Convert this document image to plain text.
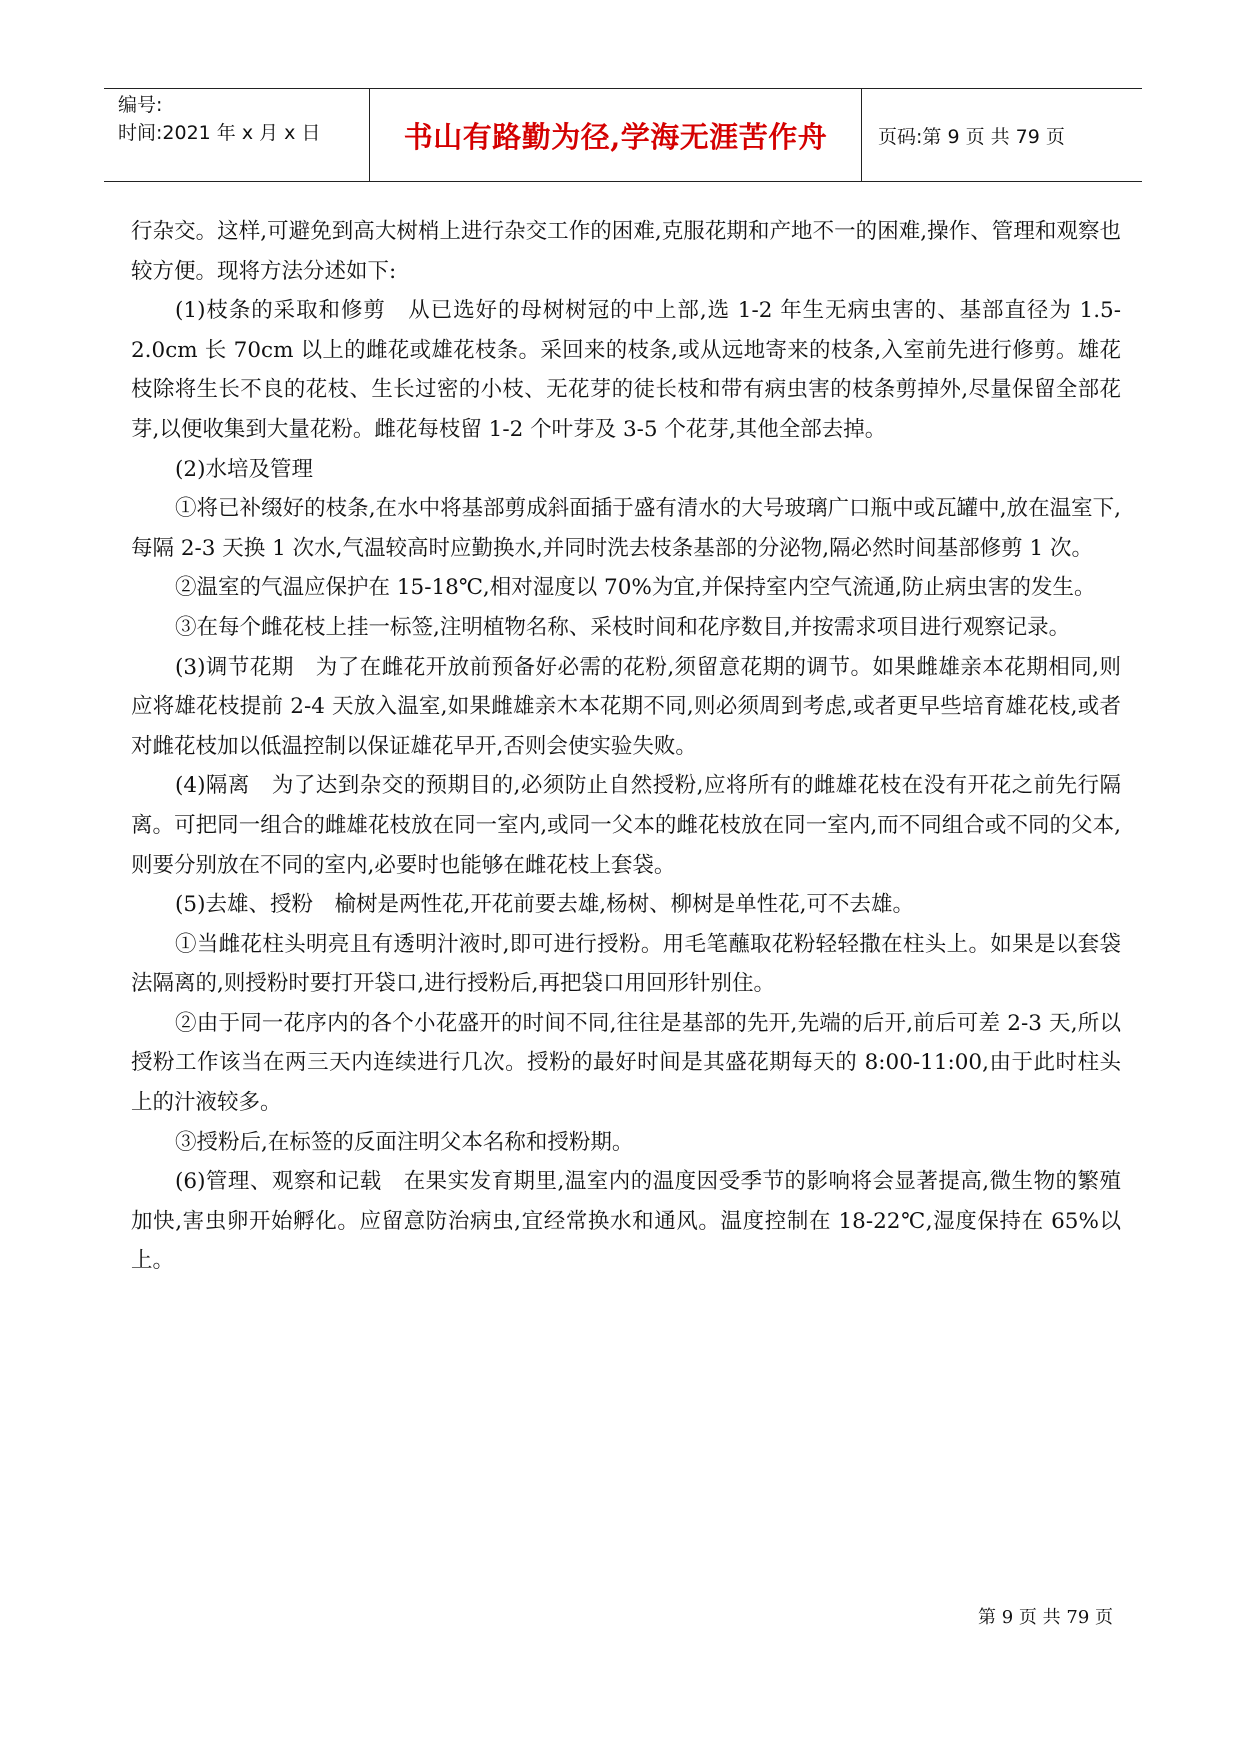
编号:
时间:2021 年 x 月 x 日	书山有路勤为径,学海无涯苦作舟	页码:第 9 页 共 79 页

行杂交。这样,可避免到高大树梢上进行杂交工作的困难,克服花期和产地不一的困难,操作、管理和观察也较方便。现将方法分述如下:

(1)枝条的采取和修剪　从已选好的母树树冠的中上部,选 1-2 年生无病虫害的、基部直径为 1.5-2.0cm 长 70cm 以上的雌花或雄花枝条。采回来的枝条,或从远地寄来的枝条,入室前先进行修剪。雄花枝除将生长不良的花枝、生长过密的小枝、无花芽的徒长枝和带有病虫害的枝条剪掉外,尽量保留全部花芽,以便收集到大量花粉。雌花每枝留 1-2 个叶芽及 3-5 个花芽,其他全部去掉。

(2)水培及管理

①将已补缀好的枝条,在水中将基部剪成斜面插于盛有清水的大号玻璃广口瓶中或瓦罐中,放在温室下,每隔 2-3 天换 1 次水,气温较高时应勤换水,并同时洗去枝条基部的分泌物,隔必然时间基部修剪 1 次。

②温室的气温应保护在 15-18℃,相对湿度以 70%为宜,并保持室内空气流通,防止病虫害的发生。

③在每个雌花枝上挂一标签,注明植物名称、采枝时间和花序数目,并按需求项目进行观察记录。

(3)调节花期　为了在雌花开放前预备好必需的花粉,须留意花期的调节。如果雌雄亲本花期相同,则应将雄花枝提前 2-4 天放入温室,如果雌雄亲木本花期不同,则必须周到考虑,或者更早些培育雄花枝,或者对雌花枝加以低温控制以保证雄花早开,否则会使实验失败。

(4)隔离　为了达到杂交的预期目的,必须防止自然授粉,应将所有的雌雄花枝在没有开花之前先行隔离。可把同一组合的雌雄花枝放在同一室内,或同一父本的雌花枝放在同一室内,而不同组合或不同的父本,则要分别放在不同的室内,必要时也能够在雌花枝上套袋。

(5)去雄、授粉　榆树是两性花,开花前要去雄,杨树、柳树是单性花,可不去雄。

①当雌花柱头明亮且有透明汁液时,即可进行授粉。用毛笔蘸取花粉轻轻撒在柱头上。如果是以套袋法隔离的,则授粉时要打开袋口,进行授粉后,再把袋口用回形针别住。

②由于同一花序内的各个小花盛开的时间不同,往往是基部的先开,先端的后开,前后可差 2-3 天,所以授粉工作该当在两三天内连续进行几次。授粉的最好时间是其盛花期每天的 8:00-11:00,由于此时柱头上的汁液较多。

③授粉后,在标签的反面注明父本名称和授粉期。

(6)管理、观察和记载　在果实发育期里,温室内的温度因受季节的影响将会显著提高,微生物的繁殖加快,害虫卵开始孵化。应留意防治病虫,宜经常换水和通风。温度控制在 18-22℃,湿度保持在 65%以上。

第 9 页 共 79 页
